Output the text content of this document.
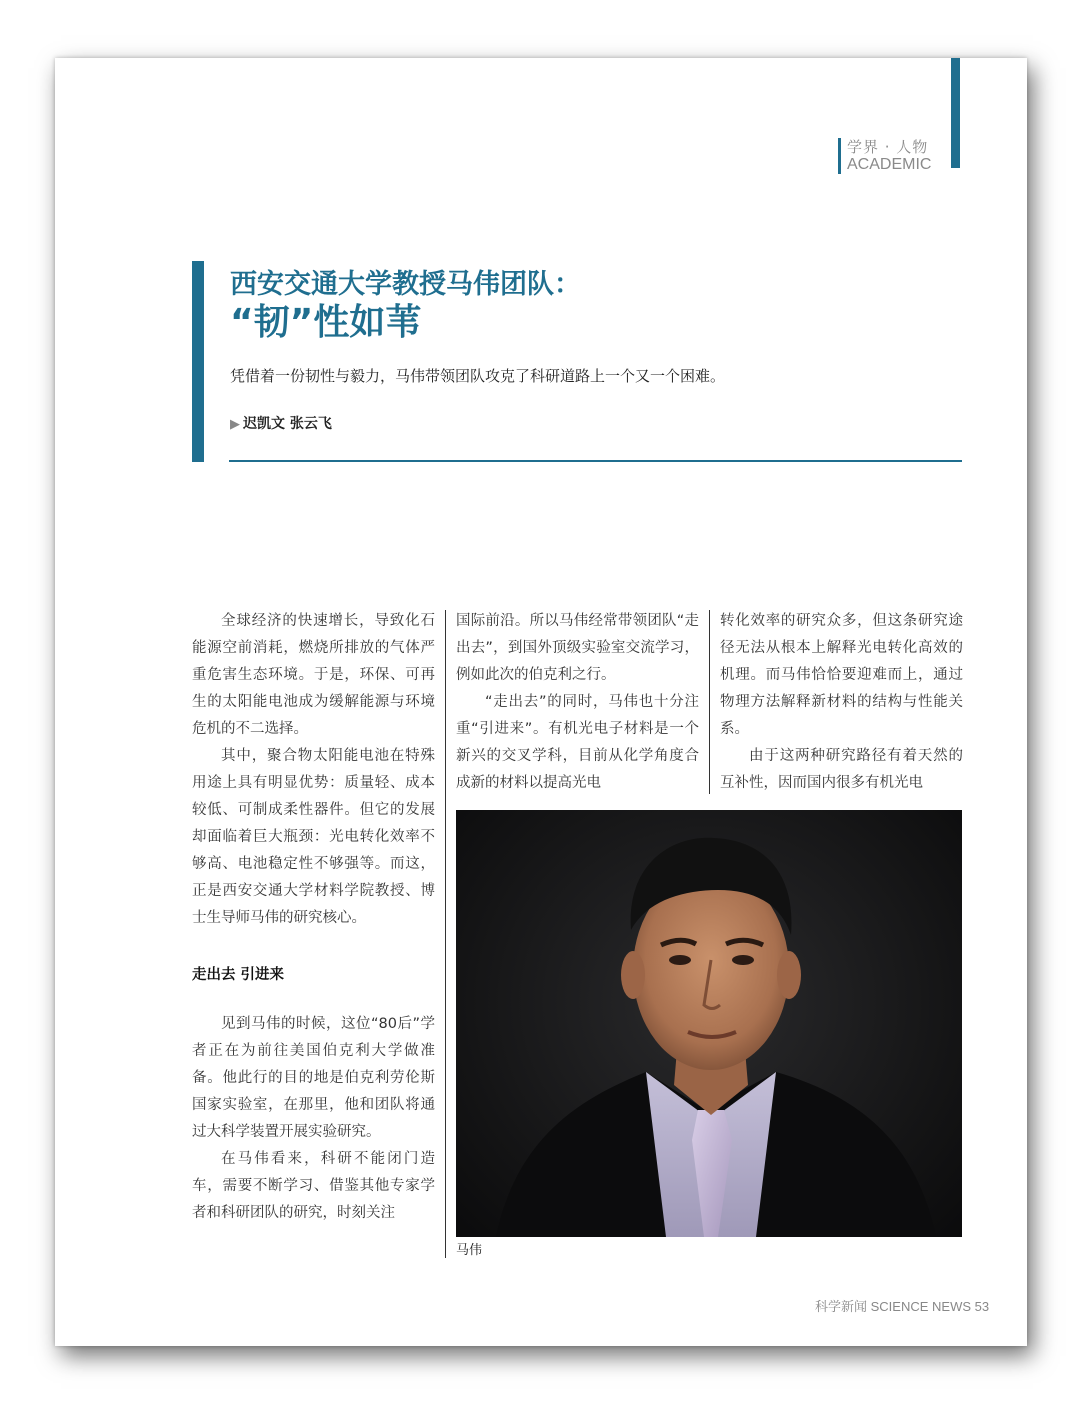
学界 · 人物
ACADEMIC
西安交通大学教授马伟团队：
“韧”性如苇
凭借着一份韧性与毅力，马伟带领团队攻克了科研道路上一个又一个困难。
▶ 迟凯文 张云飞

全球经济的快速增长，导致化石能源空前消耗，燃烧所排放的气体严重危害生态环境。于是，环保、可再生的太阳能电池成为缓解能源与环境危机的不二选择。

其中，聚合物太阳能电池在特殊用途上具有明显优势：质量轻、成本较低、可制成柔性器件。但它的发展却面临着巨大瓶颈：光电转化效率不够高、电池稳定性不够强等。而这，正是西安交通大学材料学院教授、博士生导师马伟的研究核心。

走出去 引进来

见到马伟的时候，这位“80后”学者正在为前往美国伯克利大学做准备。他此行的目的地是伯克利劳伦斯国家实验室，在那里，他和团队将通过大科学装置开展实验研究。

在马伟看来，科研不能闭门造车，需要不断学习、借鉴其他专家学者和科研团队的研究，时刻关注

国际前沿。所以马伟经常带领团队“走出去”，到国外顶级实验室交流学习，例如此次的伯克利之行。

“走出去”的同时，马伟也十分注重“引进来”。有机光电子材料是一个新兴的交叉学科，目前从化学角度合成新的材料以提高光电

转化效率的研究众多，但这条研究途径无法从根本上解释光电转化高效的机理。而马伟恰恰要迎难而上，通过物理方法解释新材料的结构与性能关系。

由于这两种研究路径有着天然的互补性，因而国内很多有机光电

马伟
科学新闻 SCIENCE NEWS 53
